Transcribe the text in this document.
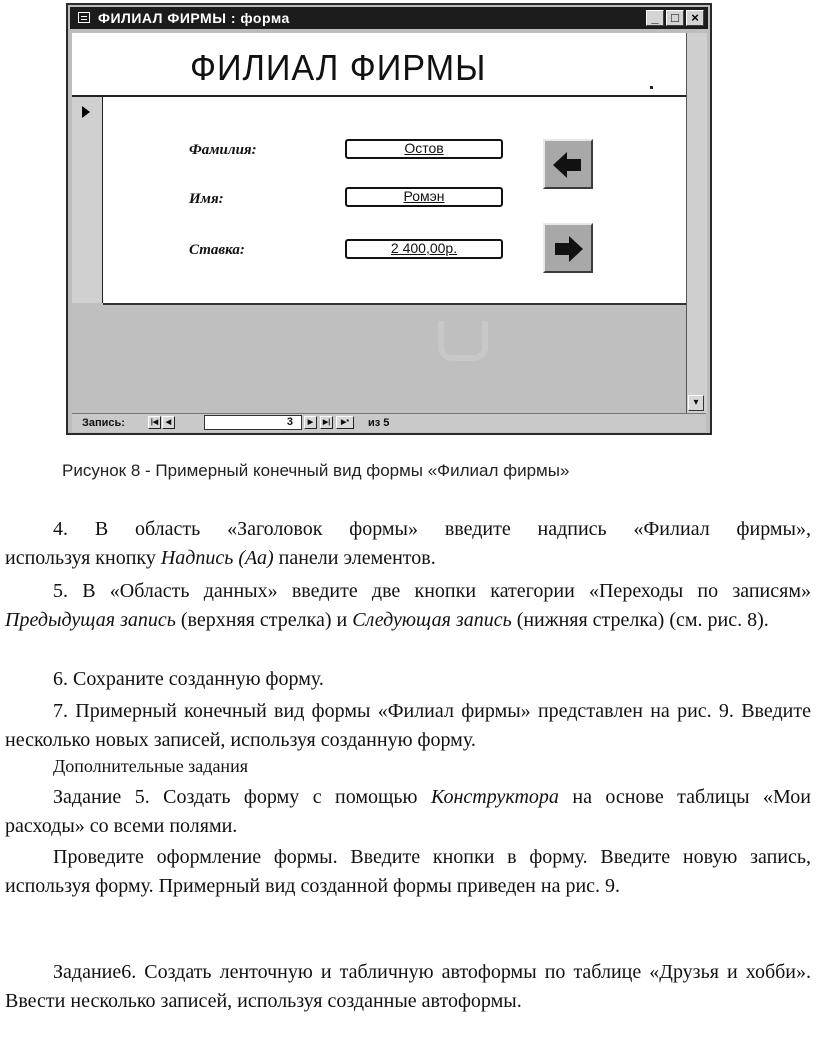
ФИЛИАЛ ФИРМЫ : форма	_ □ ×
ФИЛИАЛ ФИРМЫ
Фамилия:	Остов
Имя:	Ромэн
Ставка:	2 400,00р.
▾
Запись:	|◀	◀	3	▶	▶|	▶*	из 5
Рисунок 8 - Примерный конечный вид формы «Филиал фирмы»
4. В область «Заголовок формы» введите надпись «Филиал фирмы»,
используя кнопку Надпись (Аа) панели элементов.
5. В «Область данных» введите две кнопки категории «Переходы по записям» Предыдущая запись (верхняя стрелка) и Следующая запись (нижняя стрелка) (см. рис. 8).
6. Сохраните созданную форму.
7. Примерный конечный вид формы «Филиал фирмы» представлен на рис. 9. Введите несколько новых записей, используя созданную форму.
Дополнительные задания
Задание 5. Создать форму с помощью Конструктора на основе таблицы «Мои расходы» со всеми полями.
Проведите оформление формы. Введите кнопки в форму. Введите новую запись, используя форму. Примерный вид созданной формы приведен на рис. 9.
Задание6. Создать ленточную и табличную автоформы по таблице «Друзья и хобби». Ввести несколько записей, используя созданные автоформы.
